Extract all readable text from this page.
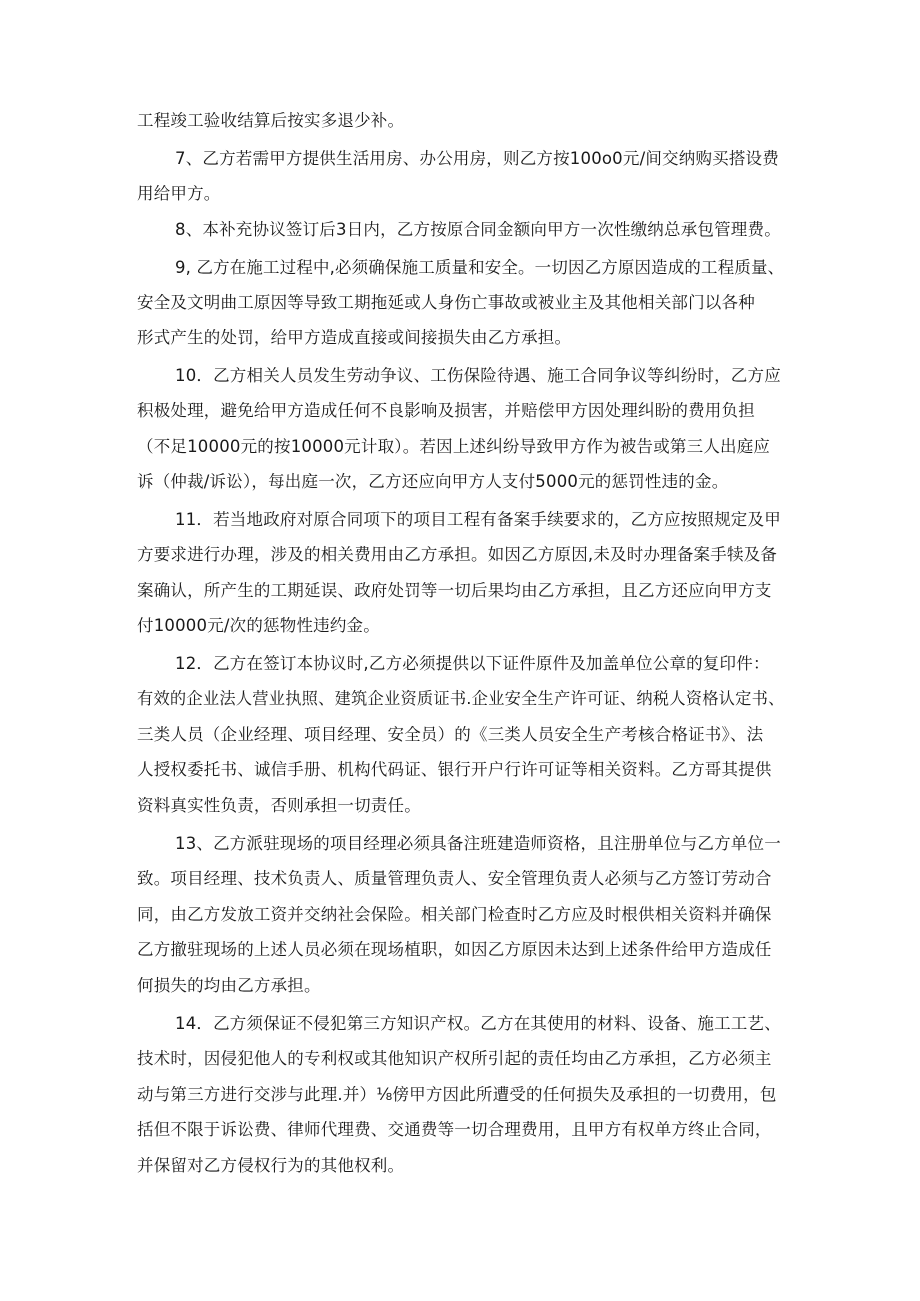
工程竣工验收结算后按实多退少补。
7、乙方若需甲方提供生活用房、办公用房，则乙方按100o0元/间交纳购买搭设费
用给甲方。
8、本补充协议签订后3日内，乙方按原合同金额向甲方一次性缴纳总承包管理费。
9, 乙方在施工过程中,必须确保施工质量和安全。一切因乙方原因造成的工程质量、
安全及文明曲工原因等导致工期拖延或人身伤亡事故或被业主及其他相关部门以各种
形式产生的处罚，给甲方造成直接或间接损失由乙方承担。
10．乙方相关人员发生劳动争议、工伤保险待遇、施工合同争议等纠纷时，乙方应
积极处理，避免给甲方造成任何不良影响及损害，并赔偿甲方因处理纠盼的费用负担
（不足10000元的按10000元计取）。若因上述纠纷导致甲方作为被告或第三人出庭应
诉（仲裁/诉讼），每出庭一次，乙方还应向甲方人支付5000元的惩罚性违的金。
11．若当地政府对原合同项下的项目工程有备案手续要求的，乙方应按照规定及甲
方要求进行办理，涉及的相关费用由乙方承担。如因乙方原因,未及时办理备案手犊及备
案确认，所产生的工期延误、政府处罚等一切后果均由乙方承担，且乙方还应向甲方支
付10000元/次的惩物性违约金。
12．乙方在签订本协议时,乙方必须提供以下证件原件及加盖单位公章的复印件：
有效的企业法人营业执照、建筑企业资质证书.企业安全生产许可证、纳税人资格认定书、
三类人员（企业经理、项目经理、安全员）的《三类人员安全生产考核合格证书》、法
人授权委托书、诚信手册、机构代码证、银行开户行许可证等相关资料。乙方哥其提供
资料真实性负责，否则承担一切责任。
13、乙方派驻现场的项目经理必须具备注班建造师资格，且注册单位与乙方单位一
致。项目经理、技术负责人、质量管理负责人、安全管理负责人必须与乙方签订劳动合
同，由乙方发放工资并交纳社会保险。相关部门检查时乙方应及时根供相关资料并确保
乙方撤驻现场的上述人员必须在现场植职，如因乙方原因未达到上述条件给甲方造成任
何损失的均由乙方承担。
14．乙方须保证不侵犯第三方知识产权。乙方在其使用的材料、设备、施工工艺、
技术时，因侵犯他人的专利权或其他知识产权所引起的责任均由乙方承担，乙方必须主
动与第三方进行交涉与此理.并）⅛傍甲方因此所遭受的任何损失及承担的一切费用，包
括但不限于诉讼费、律师代理费、交通费等一切合理费用，且甲方有权单方终止合同，
并保留对乙方侵权行为的其他权利。
